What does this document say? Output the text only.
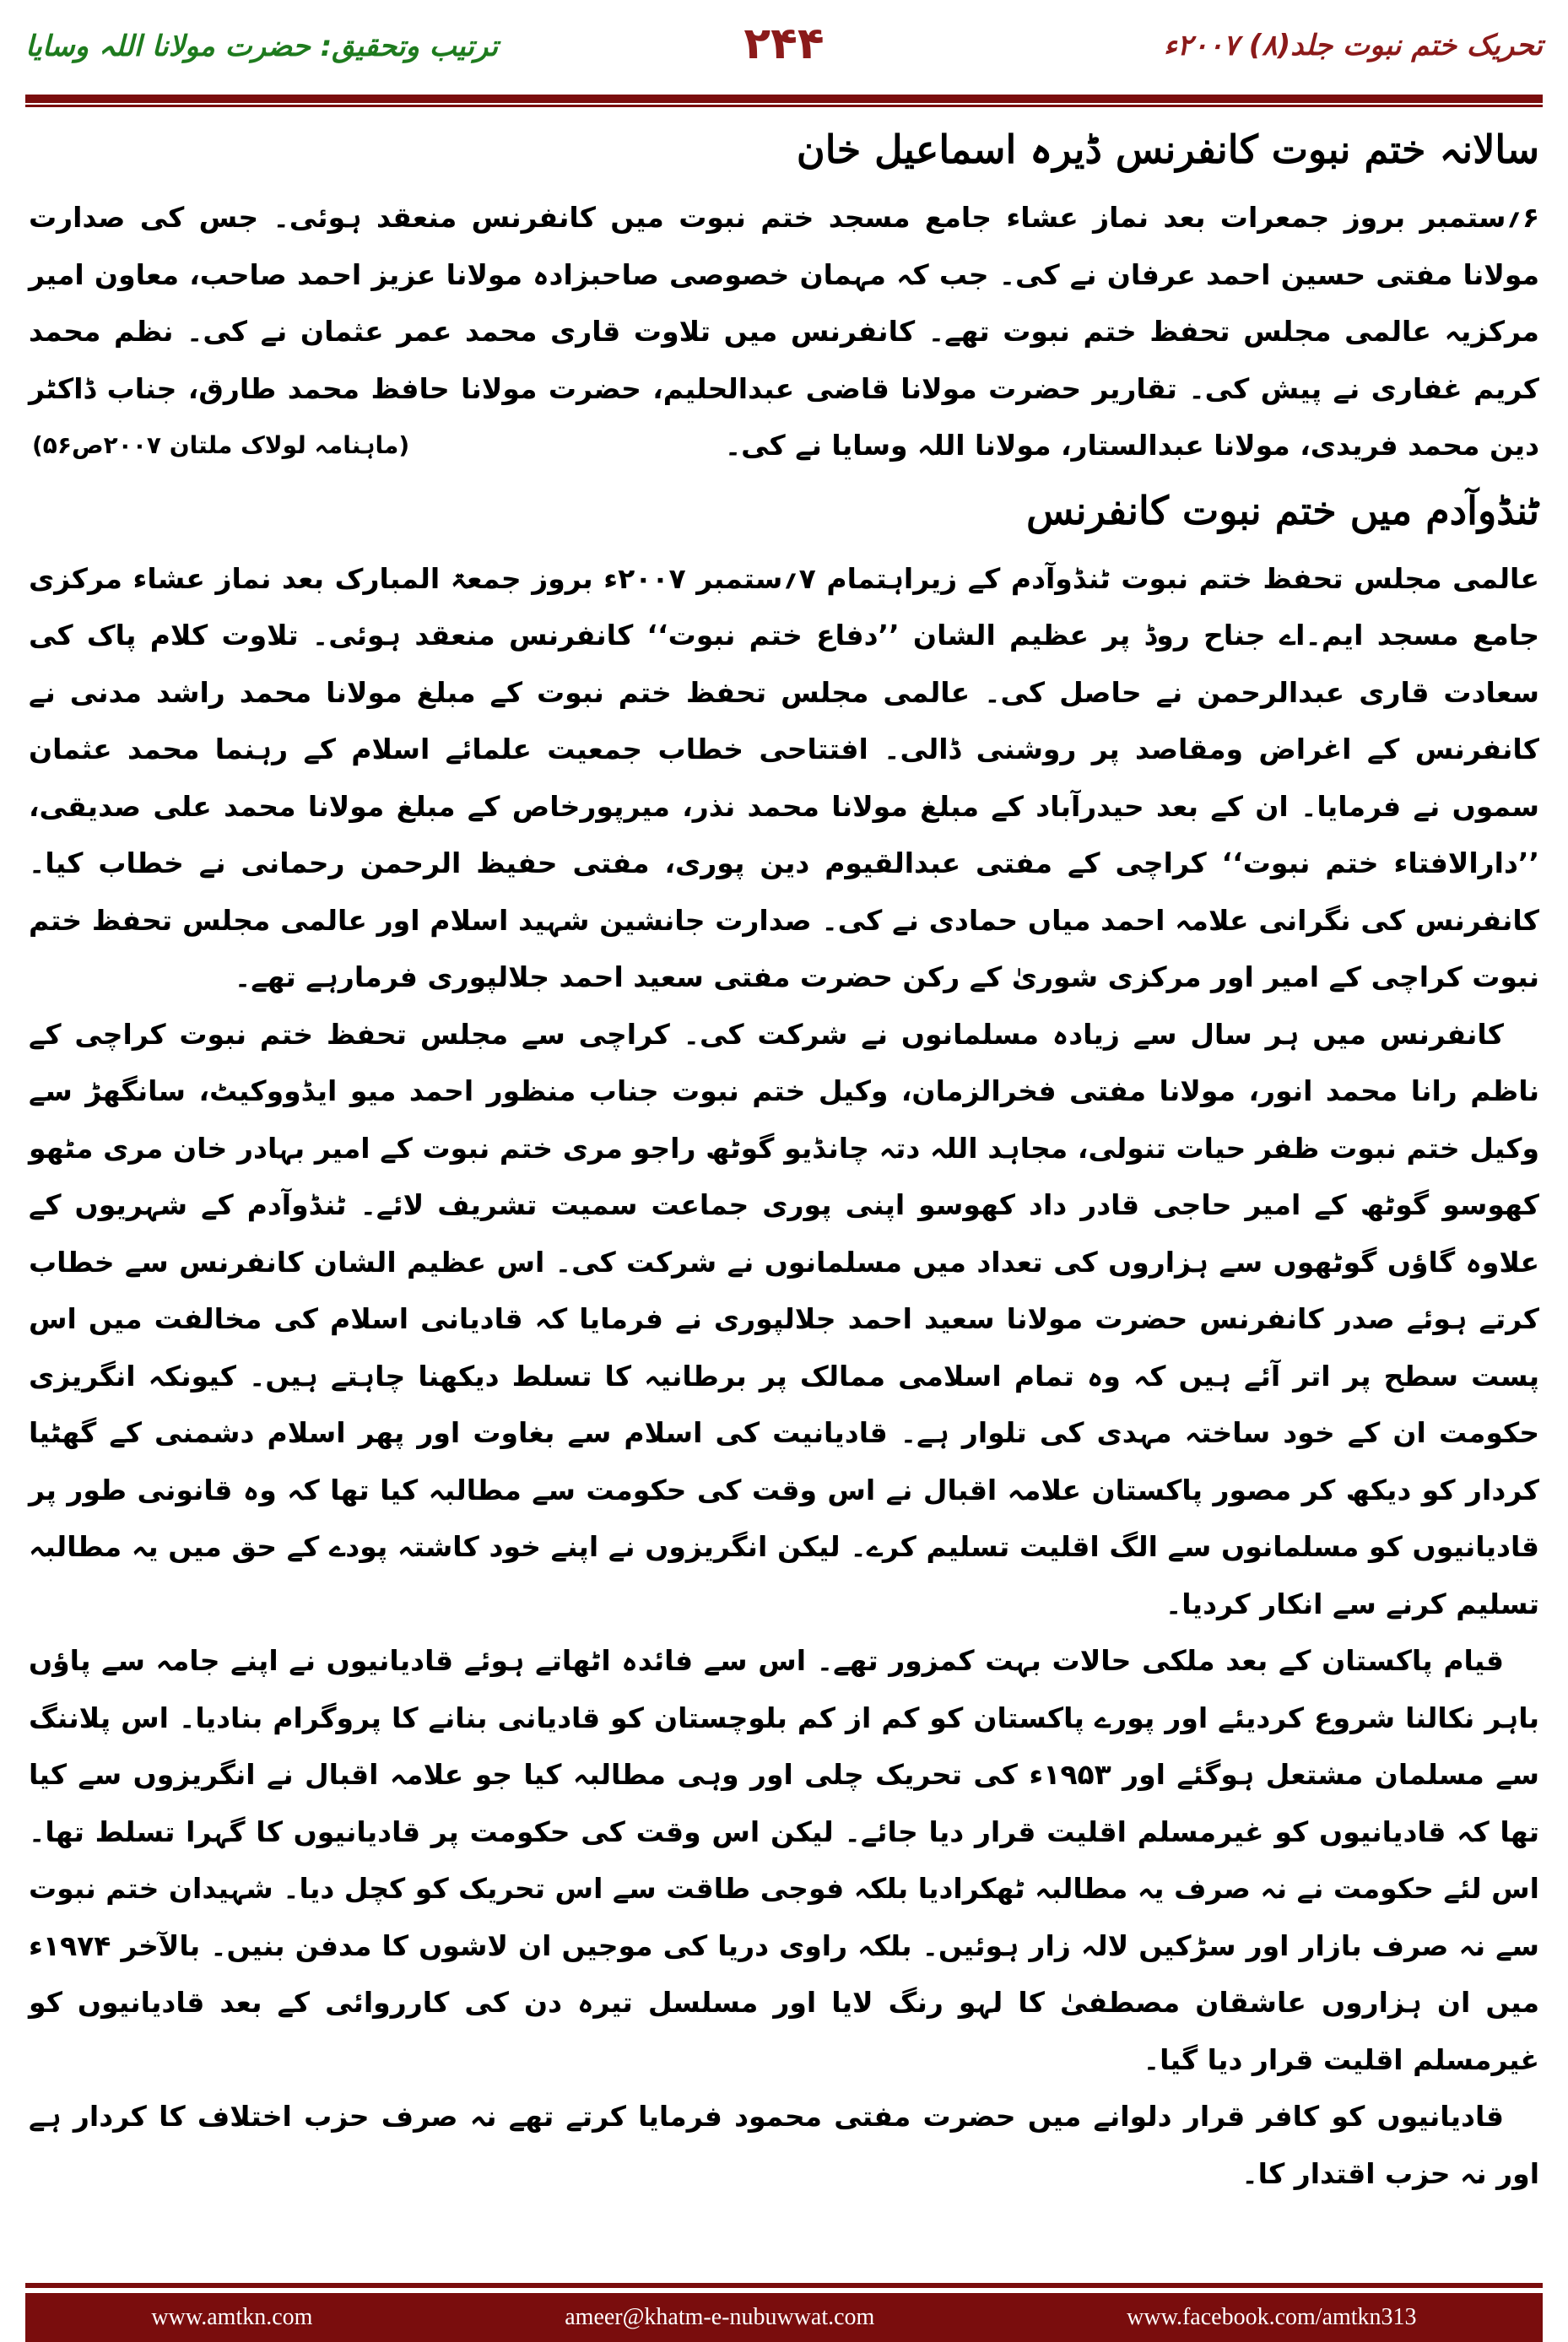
ترتیب وتحقیق: حضرت مولانا اللہ وسایا	۲۴۴	تحریک ختم نبوت جلد(۸) ۲۰۰۷ء
سالانہ ختم نبوت کانفرنس ڈیرہ اسماعیل خان

۶؍ستمبر بروز جمعرات بعد نماز عشاء جامع مسجد ختم نبوت میں کانفرنس منعقد ہوئی۔ جس کی صدارت مولانا مفتی حسین احمد عرفان نے کی۔ جب کہ مہمان خصوصی صاحبزادہ مولانا عزیز احمد صاحب، معاون امیر مرکزیہ عالمی مجلس تحفظ ختم نبوت تھے۔ کانفرنس میں تلاوت قاری محمد عمر عثمان نے کی۔ نظم محمد کریم غفاری نے پیش کی۔ تقاریر حضرت مولانا قاضی عبدالحلیم، حضرت مولانا حافظ محمد طارق، جناب ڈاکٹر دین محمد فریدی، مولانا عبدالستار، مولانا اللہ وسایا نے کی۔
(ماہنامہ لولاک ملتان ۲۰۰۷ص۵۶)

ٹنڈوآدم میں ختم نبوت کانفرنس

عالمی مجلس تحفظ ختم نبوت ٹنڈوآدم کے زیراہتمام ۷؍ستمبر ۲۰۰۷ء بروز جمعۃ المبارک بعد نماز عشاء مرکزی جامع مسجد ایم۔اے جناح روڈ پر عظیم الشان ’’دفاع ختم نبوت‘‘ کانفرنس منعقد ہوئی۔ تلاوت کلام پاک کی سعادت قاری عبدالرحمن نے حاصل کی۔ عالمی مجلس تحفظ ختم نبوت کے مبلغ مولانا محمد راشد مدنی نے کانفرنس کے اغراض ومقاصد پر روشنی ڈالی۔ افتتاحی خطاب جمعیت علمائے اسلام کے رہنما محمد عثمان سموں نے فرمایا۔ ان کے بعد حیدرآباد کے مبلغ مولانا محمد نذر، میرپورخاص کے مبلغ مولانا محمد علی صدیقی، ’’دارالافتاء ختم نبوت‘‘ کراچی کے مفتی عبدالقیوم دین پوری، مفتی حفیظ الرحمن رحمانی نے خطاب کیا۔ کانفرنس کی نگرانی علامہ احمد میاں حمادی نے کی۔ صدارت جانشین شہید اسلام اور عالمی مجلس تحفظ ختم نبوت کراچی کے امیر اور مرکزی شوریٰ کے رکن حضرت مفتی سعید احمد جلالپوری فرمارہے تھے۔

کانفرنس میں ہر سال سے زیادہ مسلمانوں نے شرکت کی۔ کراچی سے مجلس تحفظ ختم نبوت کراچی کے ناظم رانا محمد انور، مولانا مفتی فخرالزمان، وکیل ختم نبوت جناب منظور احمد میو ایڈووکیٹ، سانگھڑ سے وکیل ختم نبوت ظفر حیات تنولی، مجاہد اللہ دتہ چانڈیو گوٹھ راجو مری ختم نبوت کے امیر بہادر خان مری مٹھو کھوسو گوٹھ کے امیر حاجی قادر داد کھوسو اپنی پوری جماعت سمیت تشریف لائے۔ ٹنڈوآدم کے شہریوں کے علاوہ گاؤں گوٹھوں سے ہزاروں کی تعداد میں مسلمانوں نے شرکت کی۔ اس عظیم الشان کانفرنس سے خطاب کرتے ہوئے صدر کانفرنس حضرت مولانا سعید احمد جلالپوری نے فرمایا کہ قادیانی اسلام کی مخالفت میں اس پست سطح پر اتر آئے ہیں کہ وہ تمام اسلامی ممالک پر برطانیہ کا تسلط دیکھنا چاہتے ہیں۔ کیونکہ انگریزی حکومت ان کے خود ساختہ مہدی کی تلوار ہے۔ قادیانیت کی اسلام سے بغاوت اور پھر اسلام دشمنی کے گھٹیا کردار کو دیکھ کر مصور پاکستان علامہ اقبال نے اس وقت کی حکومت سے مطالبہ کیا تھا کہ وہ قانونی طور پر قادیانیوں کو مسلمانوں سے الگ اقلیت تسلیم کرے۔ لیکن انگریزوں نے اپنے خود کاشتہ پودے کے حق میں یہ مطالبہ تسلیم کرنے سے انکار کردیا۔

قیام پاکستان کے بعد ملکی حالات بہت کمزور تھے۔ اس سے فائدہ اٹھاتے ہوئے قادیانیوں نے اپنے جامہ سے پاؤں باہر نکالنا شروع کردیئے اور پورے پاکستان کو کم از کم بلوچستان کو قادیانی بنانے کا پروگرام بنادیا۔ اس پلاننگ سے مسلمان مشتعل ہوگئے اور ۱۹۵۳ء کی تحریک چلی اور وہی مطالبہ کیا جو علامہ اقبال نے انگریزوں سے کیا تھا کہ قادیانیوں کو غیرمسلم اقلیت قرار دیا جائے۔ لیکن اس وقت کی حکومت پر قادیانیوں کا گہرا تسلط تھا۔ اس لئے حکومت نے نہ صرف یہ مطالبہ ٹھکرادیا بلکہ فوجی طاقت سے اس تحریک کو کچل دیا۔ شہیدان ختم نبوت سے نہ صرف بازار اور سڑکیں لالہ زار ہوئیں۔ بلکہ راوی دریا کی موجیں ان لاشوں کا مدفن بنیں۔ بالآخر ۱۹۷۴ء میں ان ہزاروں عاشقان مصطفیٰ کا لہو رنگ لایا اور مسلسل تیرہ دن کی کارروائی کے بعد قادیانیوں کو غیرمسلم اقلیت قرار دیا گیا۔

قادیانیوں کو کافر قرار دلوانے میں حضرت مفتی محمود فرمایا کرتے تھے نہ صرف حزب اختلاف کا کردار ہے اور نہ حزب اقتدار کا۔

www.amtkn.com	ameer@khatm-e-nubuwwat.com	www.facebook.com/amtkn313
